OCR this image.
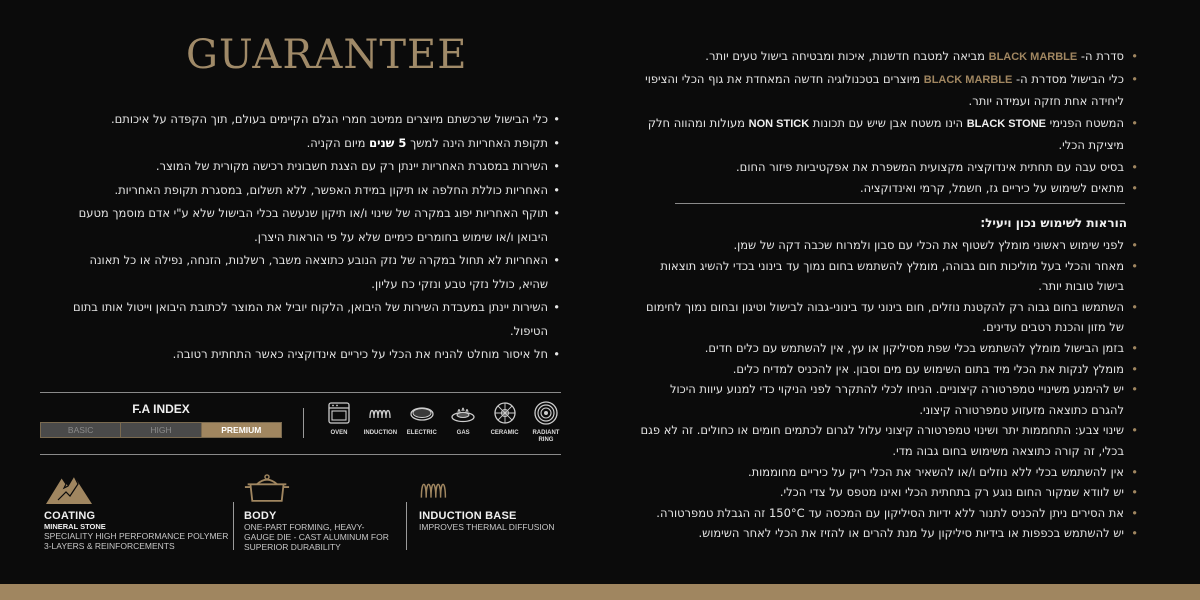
GUARANTEE
• כלי הבישול שרכשתם מיוצרים ממיטב חמרי הגלם הקיימים בעולם, תוך הקפדה על איכותם.
• תקופת האחריות הינה למשך 5 שנים מיום הקניה.
• השירות במסגרת האחריות יינתן רק עם הצגת חשבונית רכישה מקורית של המוצר.
• האחריות כוללת החלפה או תיקון במידת האפשר, ללא תשלום, במסגרת תקופת האחריות.
• תוקף האחריות יפוג במקרה של שינוי ו/או תיקון שנעשה בכלי הבישול שלא ע"י אדם מוסמך מטעם היבואן ו/או שימוש בחומרים כימיים שלא על פי הוראות היצרן.
• האחריות לא תחול במקרה של נזק הנובע כתוצאה משבר, רשלנות, הזנחה, נפילה או כל תאונה שהיא, כולל נזקי טבע ונזקי כח עליון.
• השירות יינתן במעבדת השירות של היבואן, הלקוח יוביל את המוצר לכתובת היבואן וייטול אותו בתום הטיפול.
• חל איסור מוחלט להניח את הכלי על כיריים אינדוקציה כאשר התחתית רטובה.
F.A INDEX
BASIC	HIGH	PREMIUM	OVEN	INDUCTION ELECTRIC	GAS	CERAMIC RADIANT
RING
COATING
MINERAL STONE

SPECIALITY HIGH PERFORMANCE POLYMER 3-LAYERS & REINFORCEMENTS

BODY

ONE-PART FORMING, HEAVY-GAUGE DIE - CAST ALUMINUM FOR SUPERIOR DURABILITY

INDUCTION BASE

IMPROVES THERMAL DIFFUSION

• סדרת ה- BLACK MARBLE מביאה למטבח חדשנות, איכות ומבטיחה בישול טעים יותר.
• כלי הבישול מסדרת ה- BLACK MARBLE מיוצרים בטכנולוגיה חדשה המאחדת את גוף הכלי והציפוי ליחידה אחת חזקה ועמידה יותר.
• המשטח הפנימי BLACK STONE הינו משטח אבן שיש עם תכונות NON STICK מעולות ומהווה חלק מיציקת הכלי.
• בסיס עבה עם תחתית אינדוקציה מקצועית המשפרת את אפקטיביות פיזור החום.
• מתאים לשימוש על כיריים גז, חשמל, קרמי ואינדוקציה.
הוראות לשימוש נכון ויעיל:
• לפני שימוש ראשוני מומלץ לשטוף את הכלי עם סבון ולמרוח שכבה דקה של שמן.
• מאחר והכלי בעל מוליכות חום גבוהה, מומלץ להשתמש בחום נמוך עד בינוני בכדי להשיג תוצאות בישול טובות יותר.
• השתמשו בחום גבוה רק להקטנת נוזלים, חום בינוני עד בינוני-גבוה לבישול וטיגון ובחום נמוך לחימום של מזון והכנת רטבים עדינים.
• בזמן הבישול מומלץ להשתמש בכלי שפת מסיליקון או עץ, אין להשתמש עם כלים חדים.
• מומלץ לנקות את הכלי מיד בתום השימוש עם מים וסבון. אין להכניס למדיח כלים.
• יש להימנע משינויי טמפרטורה קיצוניים. הניחו לכלי להתקרר לפני הניקוי כדי למנוע עיוות היכול להגרם כתוצאה מזעזוע טמפרטורה קיצוני.
• שינוי צבע: התחממות יתר ושינוי טמפרטורה קיצוני עלול לגרום לכתמים חומים או כחולים. זה לא פגם בכלי, זה קורה כתוצאה משימוש בחום גבוה מדי.
• אין להשתמש בכלי ללא נוזלים ו/או להשאיר את הכלי ריק על כיריים מחוממות.
• יש לוודא שמקור החום נוגע רק בתחתית הכלי ואינו מטפס על צדי הכלי.
• את הסירים ניתן להכניס לתנור ללא ידיות הסיליקון עם המכסה עד 150°C זה הגבלת טמפרטורה.
• יש להשתמש בכפפות או בידיות סיליקון על מנת להרים או להזיז את הכלי לאחר השימוש.
